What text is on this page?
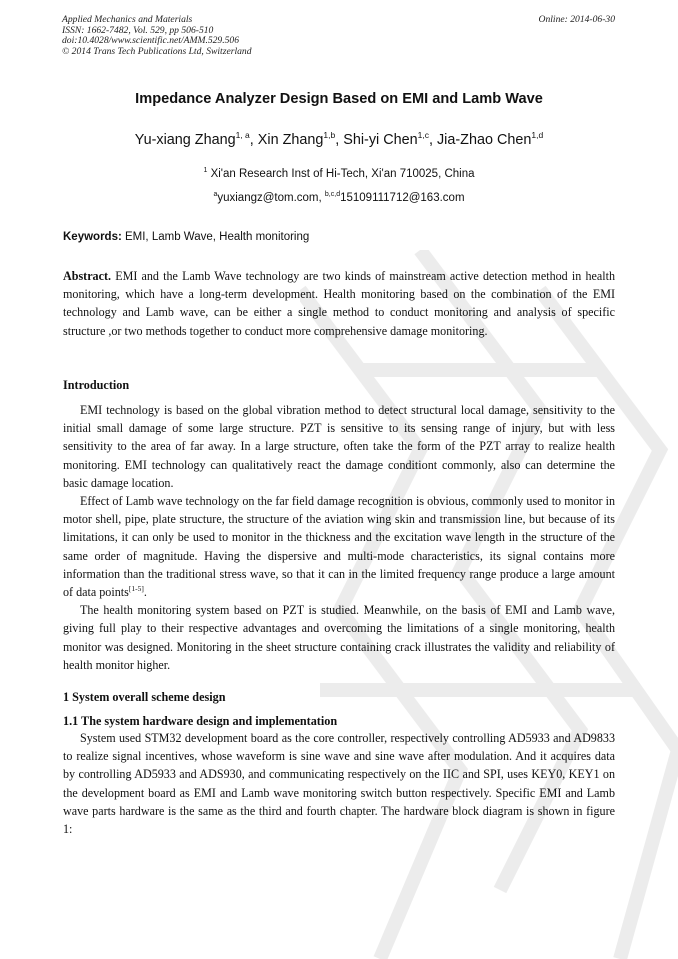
Applied Mechanics and Materials
ISSN: 1662-7482, Vol. 529, pp 506-510
doi:10.4028/www.scientific.net/AMM.529.506
© 2014 Trans Tech Publications Ltd, Switzerland
Online: 2014-06-30
Impedance Analyzer Design Based on EMI and Lamb Wave
Yu-xiang Zhang$^{1, a}$, Xin Zhang$^{1,b}$, Shi-yi Chen$^{1,c}$, Jia-Zhao Chen$^{1,d}$
$^1$ Xi'an Research Inst of Hi-Tech, Xi'an 710025, China
$^a$yuxiangz@tom.com, $^{b,c,d}$15109111712@163.com
Keywords: EMI, Lamb Wave, Health monitoring

Abstract. EMI and the Lamb Wave technology are two kinds of mainstream active detection method in health monitoring, which have a long-term development. Health monitoring based on the combination of the EMI technology and Lamb wave, can be either a single method to conduct monitoring and analysis of specific structure ,or two methods together to conduct more comprehensive damage monitoring.

Introduction

EMI technology is based on the global vibration method to detect structural local damage, sensitivity to the initial small damage of some large structure. PZT is sensitive to its sensing range of injury, but with less sensitivity to the area of far away. In a large structure, often take the form of the PZT array to realize health monitoring. EMI technology can qualitatively react the damage conditiont commonly, also can determine the basic damage location.

Effect of Lamb wave technology on the far field damage recognition is obvious, commonly used to monitor in motor shell, pipe, plate structure, the structure of the aviation wing skin and transmission line, but because of its limitations, it can only be used to monitor in the thickness and the excitation wave length in the structure of the same order of magnitude. Having the dispersive and multi-mode characteristics, its signal contains more information than the traditional stress wave, so that it can in the limited frequency range produce a large amount of data points[1-5].

The health monitoring system based on PZT is studied. Meanwhile, on the basis of EMI and Lamb wave, giving full play to their respective advantages and overcoming the limitations of a single monitoring, health monitor was designed. Monitoring in the sheet structure containing crack illustrates the validity and reliability of health monitor higher.

1 System overall scheme design
1.1 The system hardware design and implementation

System used STM32 development board as the core controller, respectively controlling AD5933 and AD9833 to realize signal incentives, whose waveform is sine wave and sine wave after modulation. And it acquires data by controlling AD5933 and ADS930, and communicating respectively on the IIC and SPI, uses KEY0, KEY1 on the development board as EMI and Lamb wave monitoring switch button respectively. Specific EMI and Lamb wave parts hardware is the same as the third and fourth chapter. The hardware block diagram is shown in figure 1:
